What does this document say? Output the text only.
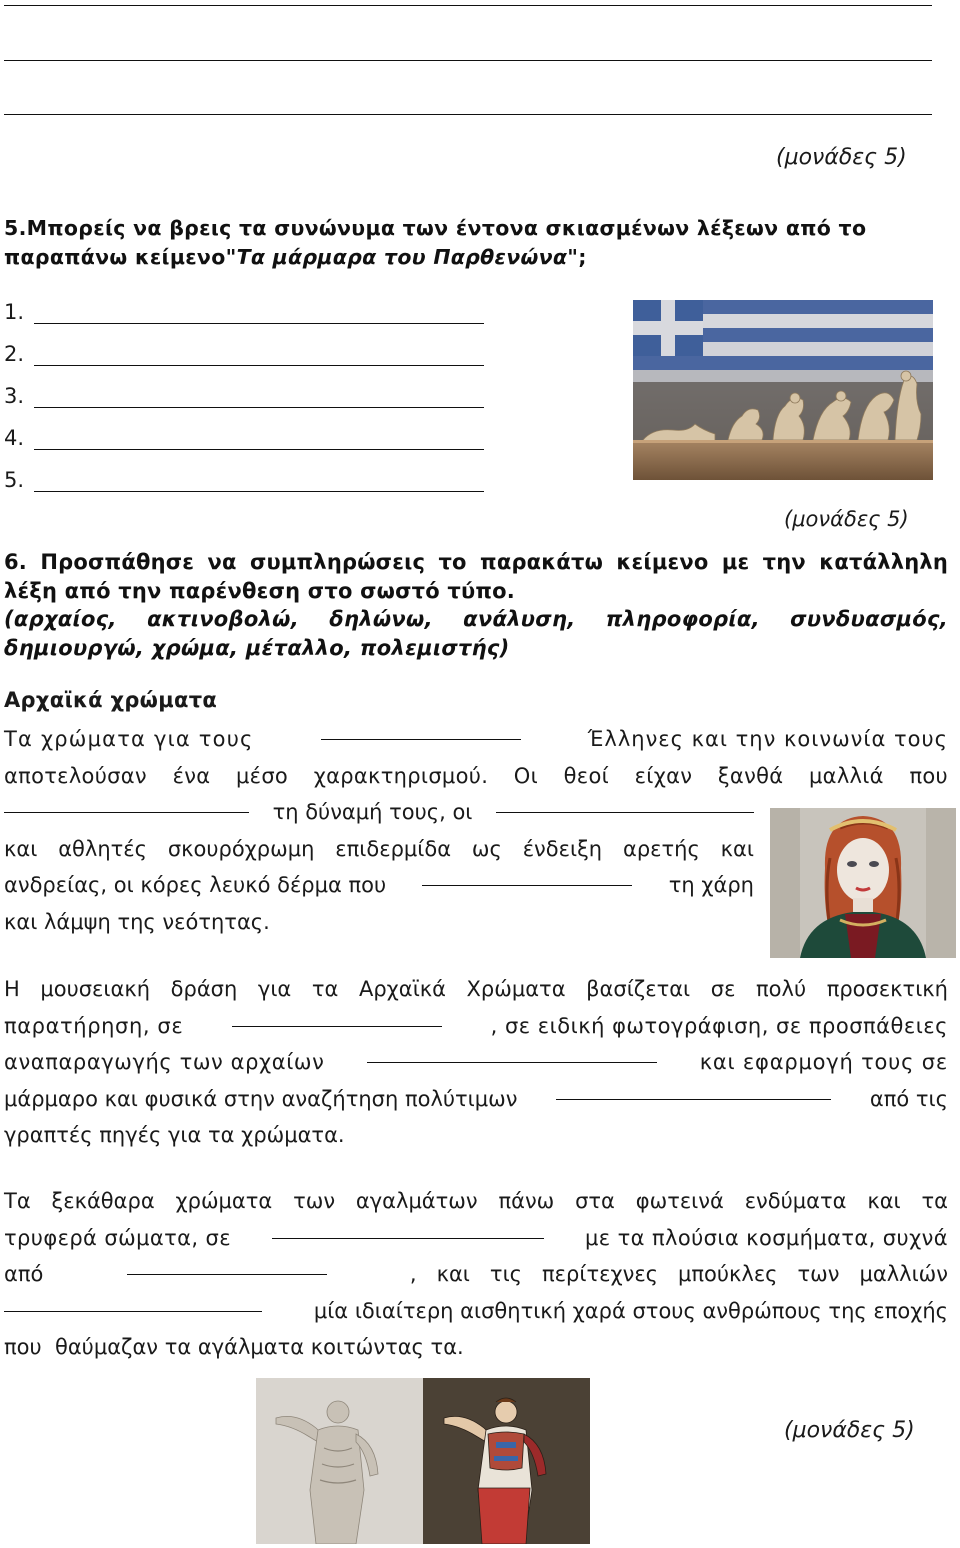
(μονάδες 5)
5.Μπορείς να βρεις τα συνώνυμα των έντονα σκιασμένων λέξεων από το παραπάνω κείμενο"Τα μάρμαρα του Παρθενώνα";
1.
2.
3.
4.
5.
(μονάδες 5)
6. Προσπάθησε να συμπληρώσεις το παρακάτω κείμενο με την κατάλληλη
λέξη από την παρένθεση στο σωστό τύπο.
(αρχαίος, ακτινοβολώ, δηλώνω, ανάλυση, πληροφορία, συνδυασμός,
δημιουργώ, χρώμα, μέταλλο, πολεμιστής)
Αρχαϊκά χρώματα
Τα χρώματα για τους	Έλληνες και την κοινωνία τους
αποτελούσαν ένα μέσο χαρακτηρισμού. Οι θεοί είχαν ξανθά μαλλιά που
τη δύναμή τους, οι
και αθλητές σκουρόχρωμη επιδερμίδα ως ένδειξη αρετής και
ανδρείας, οι κόρες λευκό δέρμα που	τη χάρη
και λάμψη της νεότητας.
Η μουσειακή δράση για τα Αρχαϊκά Χρώματα βασίζεται σε πολύ προσεκτική
παρατήρηση, σε	, σε ειδική φωτογράφιση, σε προσπάθειες
αναπαραγωγής των αρχαίων	και εφαρμογή τους σε
μάρμαρο και φυσικά στην αναζήτηση πολύτιμων	από τις
γραπτές πηγές για τα χρώματα.
Τα ξεκάθαρα χρώματα των αγαλμάτων πάνω στα φωτεινά ενδύματα και τα
τρυφερά σώματα, σε	με τα πλούσια κοσμήματα, συχνά
από	,   και   τις   περίτεχνες   μπούκλες   των   μαλλιών
μία ιδιαίτερη αισθητική χαρά στους ανθρώπους της εποχής
που  θαύμαζαν τα αγάλματα κοιτώντας τα.
(μονάδες 5)
